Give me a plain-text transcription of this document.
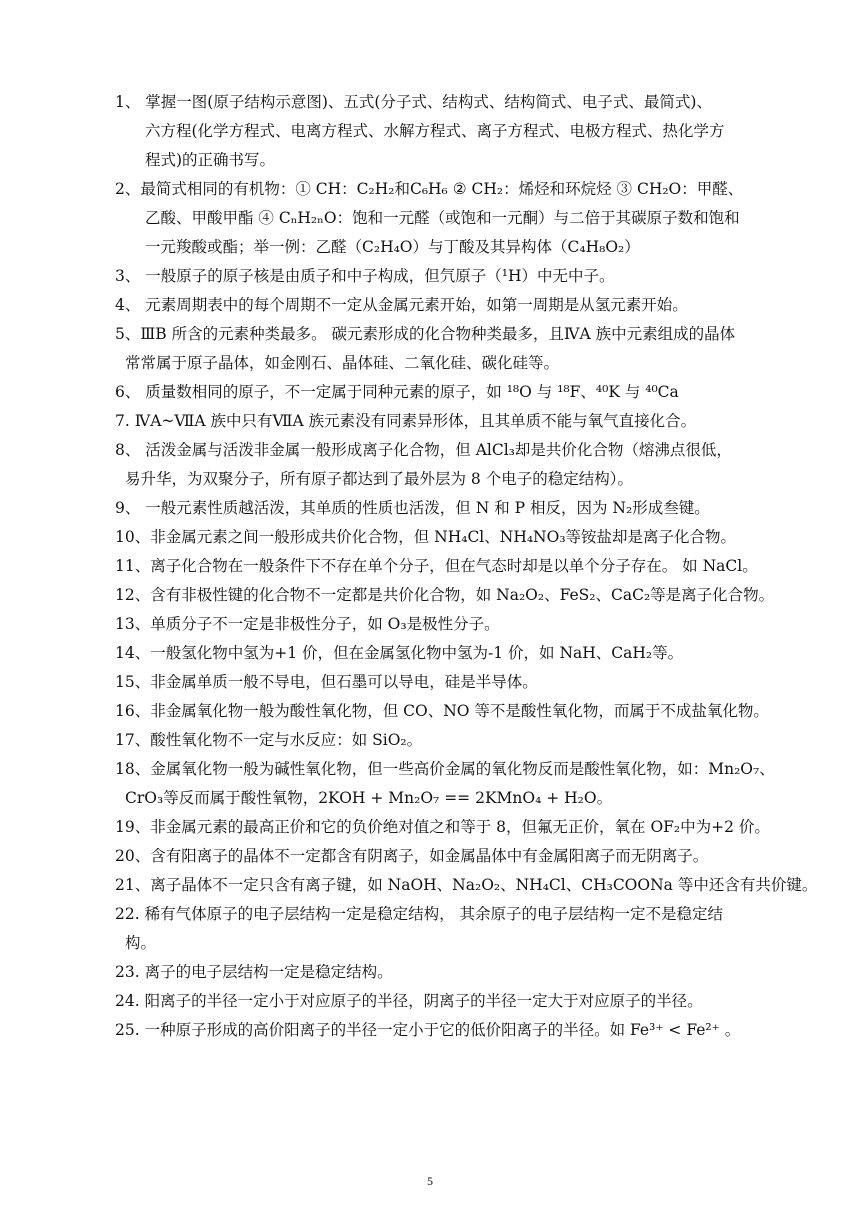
1、 掌握一图(原子结构示意图)、五式(分子式、结构式、结构简式、电子式、最简式)、
六方程(化学方程式、电离方程式、水解方程式、离子方程式、电极方程式、热化学方
程式)的正确书写。
2、最简式相同的有机物：① CH：C₂H₂和C₆H₆ ② CH₂：烯烃和环烷烃 ③ CH₂O：甲醛、
乙酸、甲酸甲酯 ④ CₙH₂ₙO：饱和一元醛（或饱和一元酮）与二倍于其碳原子数和饱和
一元羧酸或酯；举一例：乙醛（C₂H₄O）与丁酸及其异构体（C₄H₈O₂）
3、 一般原子的原子核是由质子和中子构成，但氕原子（¹H）中无中子。
4、 元素周期表中的每个周期不一定从金属元素开始，如第一周期是从氢元素开始。
5、ⅢB 所含的元素种类最多。 碳元素形成的化合物种类最多，且ⅣA 族中元素组成的晶体
常常属于原子晶体，如金刚石、晶体硅、二氧化硅、碳化硅等。
6、 质量数相同的原子，不一定属于同种元素的原子，如 ¹⁸O 与 ¹⁸F、⁴⁰K 与 ⁴⁰Ca
7. ⅣA~ⅦA 族中只有ⅦA 族元素没有同素异形体，且其单质不能与氧气直接化合。
8、 活泼金属与活泼非金属一般形成离子化合物，但 AlCl₃却是共价化合物（熔沸点很低，
易升华，为双聚分子，所有原子都达到了最外层为 8 个电子的稳定结构）。
9、 一般元素性质越活泼，其单质的性质也活泼，但 N 和 P 相反，因为 N₂形成叁键。
10、非金属元素之间一般形成共价化合物，但 NH₄Cl、NH₄NO₃等铵盐却是离子化合物。
11、离子化合物在一般条件下不存在单个分子，但在气态时却是以单个分子存在。 如 NaCl。
12、含有非极性键的化合物不一定都是共价化合物，如 Na₂O₂、FeS₂、CaC₂等是离子化合物。
13、单质分子不一定是非极性分子，如 O₃是极性分子。
14、一般氢化物中氢为+1 价，但在金属氢化物中氢为-1 价，如 NaH、CaH₂等。
15、非金属单质一般不导电，但石墨可以导电，硅是半导体。
16、非金属氧化物一般为酸性氧化物，但 CO、NO 等不是酸性氧化物，而属于不成盐氧化物。
17、酸性氧化物不一定与水反应：如 SiO₂。
18、金属氧化物一般为碱性氧化物，但一些高价金属的氧化物反而是酸性氧化物，如：Mn₂O₇、
CrO₃等反而属于酸性氧物，2KOH + Mn₂O₇ == 2KMnO₄ + H₂O。
19、非金属元素的最高正价和它的负价绝对值之和等于 8，但氟无正价，氧在 OF₂中为+2 价。
20、含有阳离子的晶体不一定都含有阴离子，如金属晶体中有金属阳离子而无阴离子。
21、离子晶体不一定只含有离子键，如 NaOH、Na₂O₂、NH₄Cl、CH₃COONa 等中还含有共价键。
22. 稀有气体原子的电子层结构一定是稳定结构， 其余原子的电子层结构一定不是稳定结
构。
23. 离子的电子层结构一定是稳定结构。
24. 阳离子的半径一定小于对应原子的半径，阴离子的半径一定大于对应原子的半径。
25. 一种原子形成的高价阳离子的半径一定小于它的低价阳离子的半径。如 Fe³⁺ < Fe²⁺ 。
5
